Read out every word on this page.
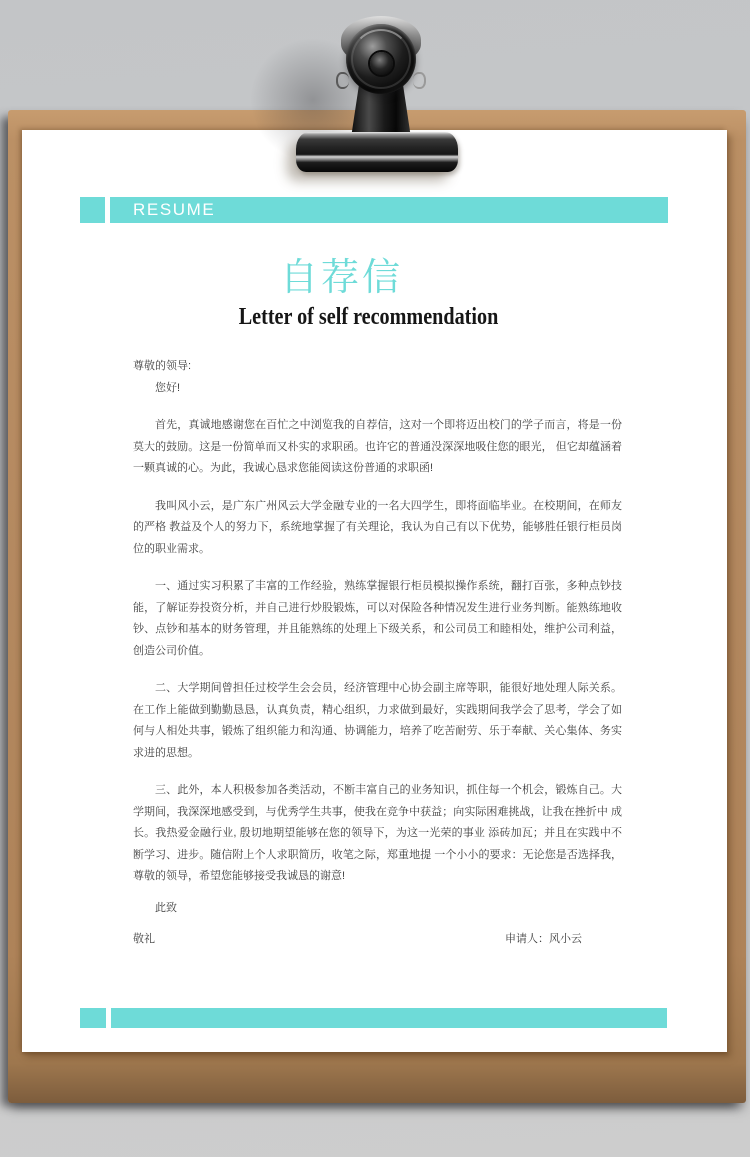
RESUME
自荐信
Letter of self recommendation

尊敬的领导:

您好!

首先，真诚地感谢您在百忙之中浏览我的自荐信，这对一个即将迈出校门的学子而言，将是一份莫大的鼓励。这是一份简单而又朴实的求职函。也许它的普通没深深地吸住您的眼光， 但它却蕴涵着一颗真诚的心。为此，我诚心恳求您能阅读这份普通的求职函!

我叫风小云，是广东广州风云大学金融专业的一名大四学生，即将面临毕业。在校期间，在师友的严格 教益及个人的努力下，系统地掌握了有关理论，我认为自己有以下优势，能够胜任银行柜员岗位的职业需求。

一、通过实习积累了丰富的工作经验，熟练掌握银行柜员模拟操作系统，翻打百张，多种点钞技能，了解证券投资分析，并自己进行炒股锻炼，可以对保险各种情况发生进行业务判断。能熟练地收钞、点钞和基本的财务管理，并且能熟练的处理上下级关系，和公司员工和睦相处，维护公司利益，创造公司价值。

二、大学期间曾担任过校学生会会员，经济管理中心协会副主席等职，能很好地处理人际关系。在工作上能做到勤勤恳恳，认真负责，精心组织，力求做到最好，实践期间我学会了思考，学会了如何与人相处共事，锻炼了组织能力和沟通、协调能力，培养了吃苦耐劳、乐于奉献、关心集体、务实求进的思想。

三、此外，本人积极参加各类活动，不断丰富自己的业务知识，抓住每一个机会，锻炼自己。大学期间，我深深地感受到，与优秀学生共事，使我在竞争中获益；向实际困难挑战，让我在挫折中 成长。我热爱金融行业, 殷切地期望能够在您的领导下，为这一光荣的事业 添砖加瓦；并且在实践中不断学习、进步。随信附上个人求职简历，收笔之际，郑重地提 一个小小的要求：无论您是否选择我，尊敬的领导，希望您能够接受我诚恳的谢意!

此致

敬礼	申请人：风小云
